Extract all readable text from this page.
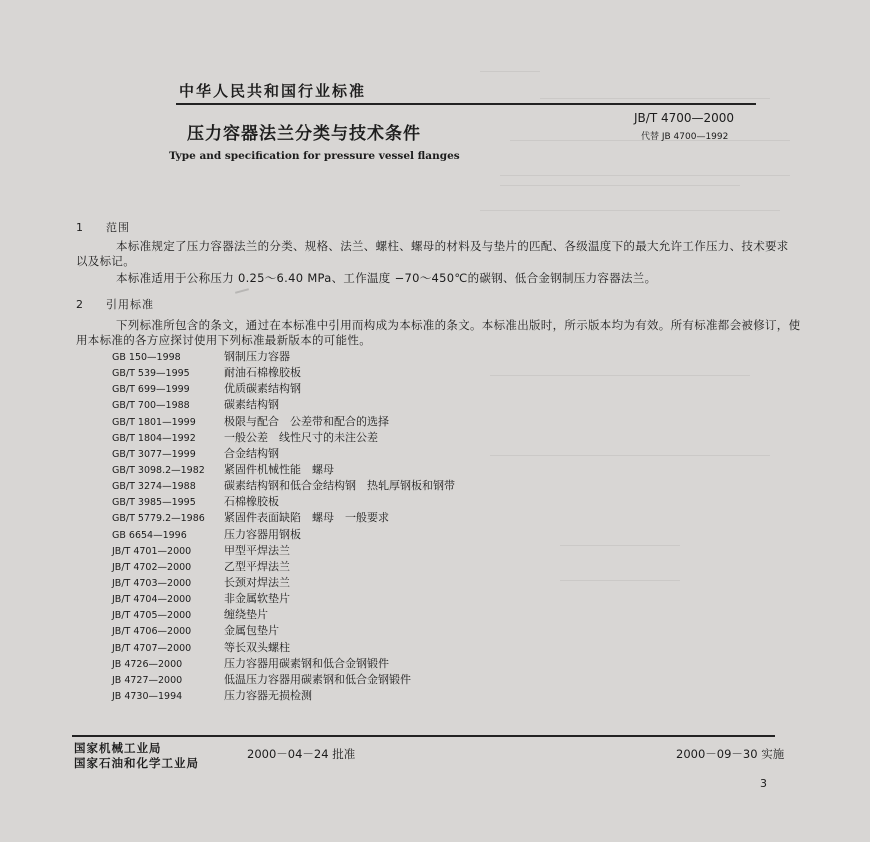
中华人民共和国行业标准
JB/T 4700—2000
压力容器法兰分类与技术条件	代替 JB 4700—1992
Type and specification for pressure vessel flanges
1 范围
本标准规定了压力容器法兰的分类、规格、法兰、螺柱、螺母的材料及与垫片的匹配、各级温度下的最大允许工作压力、技术要求以及标记。
本标准适用于公称压力 0.25～6.40 MPa、工作温度 −70～450℃的碳钢、低合金钢制压力容器法兰。
2 引用标准
下列标准所包含的条文，通过在本标准中引用而构成为本标准的条文。本标准出版时，所示版本均为有效。所有标准都会被修订，使用本标准的各方应探讨使用下列标准最新版本的可能性。
GB 150—1998	钢制压力容器
GB/T 539—1995	耐油石棉橡胶板
GB/T 699—1999	优质碳素结构钢
GB/T 700—1988	碳素结构钢
GB/T 1801—1999	极限与配合　公差带和配合的选择
GB/T 1804—1992	一般公差　线性尺寸的未注公差
GB/T 3077—1999	合金结构钢
GB/T 3098.2—1982 紧固件机械性能　螺母
GB/T 3274—1988	碳素结构钢和低合金结构钢　热轧厚钢板和钢带
GB/T 3985—1995	石棉橡胶板
GB/T 5779.2—1986 紧固件表面缺陷　螺母　一般要求
GB 6654—1996	压力容器用钢板
JB/T 4701—2000	甲型平焊法兰
JB/T 4702—2000	乙型平焊法兰
JB/T 4703—2000	长颈对焊法兰
JB/T 4704—2000	非金属软垫片
JB/T 4705—2000	缠绕垫片
JB/T 4706—2000	金属包垫片
JB/T 4707—2000	等长双头螺柱
JB 4726—2000	压力容器用碳素钢和低合金钢锻件
JB 4727—2000	低温压力容器用碳素钢和低合金钢锻件
JB 4730—1994	压力容器无损检测
国家机械工业局
国家石油和化学工业局
2000－04－24 批准	2000－09－30 实施
3
